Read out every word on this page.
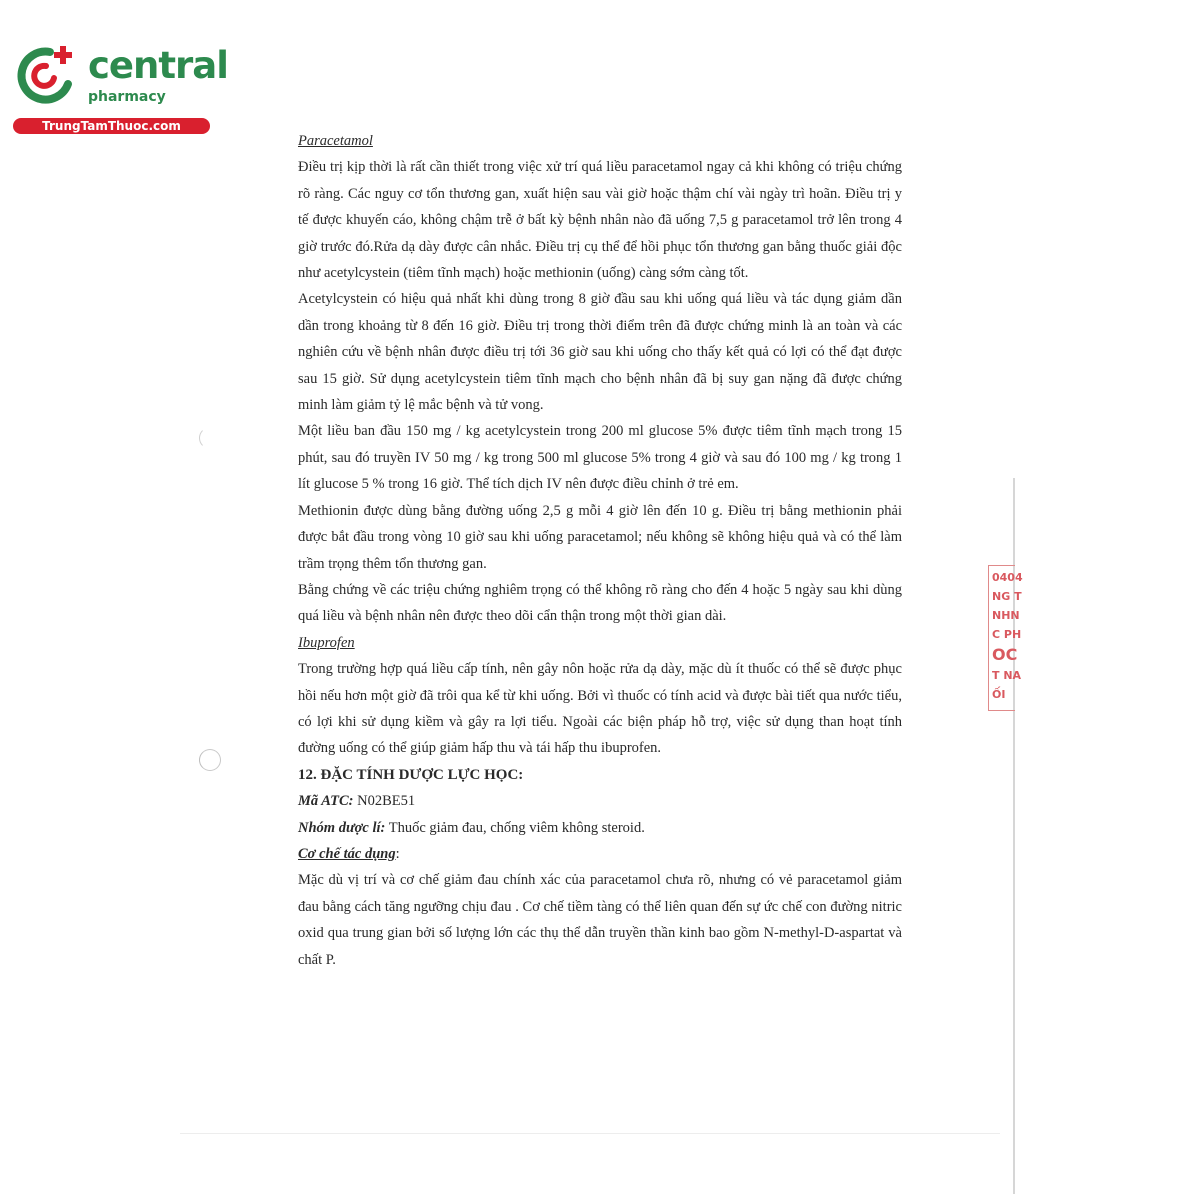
central
pharmacy
TrungTamThuoc.com

Paracetamol

Điều trị kịp thời là rất cần thiết trong việc xử trí quá liều paracetamol ngay cả khi không có triệu chứng rõ ràng. Các nguy cơ tổn thương gan, xuất hiện sau vài giờ hoặc thậm chí vài ngày trì hoãn. Điều trị y tế được khuyến cáo, không chậm trễ ở bất kỳ bệnh nhân nào đã uống 7,5 g paracetamol trở lên trong 4 giờ trước đó.Rửa dạ dày được cân nhắc. Điều trị cụ thể để hồi phục tổn thương gan bằng thuốc giải độc như acetylcystein (tiêm tĩnh mạch) hoặc methionin (uống) càng sớm càng tốt.

Acetylcystein có hiệu quả nhất khi dùng trong 8 giờ đầu sau khi uống quá liều và tác dụng giảm dần dần trong khoảng từ 8 đến 16 giờ. Điều trị trong thời điểm trên đã được chứng minh là an toàn và các nghiên cứu về bệnh nhân được điều trị tới 36 giờ sau khi uống cho thấy kết quả có lợi có thể đạt được sau 15 giờ. Sử dụng acetylcystein tiêm tĩnh mạch cho bệnh nhân đã bị suy gan nặng đã được chứng minh làm giảm tỷ lệ mắc bệnh và tử vong.

Một liều ban đầu 150 mg / kg acetylcystein trong 200 ml glucose 5% được tiêm tĩnh mạch trong 15 phút, sau đó truyền IV 50 mg / kg trong 500 ml glucose 5% trong 4 giờ và sau đó 100 mg / kg trong 1 lít glucose 5 % trong 16 giờ. Thể tích dịch IV nên được điều chỉnh ở trẻ em.

Methionin được dùng bằng đường uống 2,5 g mỗi 4 giờ lên đến 10 g. Điều trị bằng methionin phải được bắt đầu trong vòng 10 giờ sau khi uống paracetamol; nếu không sẽ không hiệu quả và có thể làm trầm trọng thêm tổn thương gan.

Bằng chứng về các triệu chứng nghiêm trọng có thể không rõ ràng cho đến 4 hoặc 5 ngày sau khi dùng quá liều và bệnh nhân nên được theo dõi cẩn thận trong một thời gian dài.

Ibuprofen

Trong trường hợp quá liều cấp tính, nên gây nôn hoặc rửa dạ dày, mặc dù ít thuốc có thể sẽ được phục hồi nếu hơn một giờ đã trôi qua kể từ khi uống. Bởi vì thuốc có tính acid và được bài tiết qua nước tiểu, có lợi khi sử dụng kiềm và gây ra lợi tiểu. Ngoài các biện pháp hỗ trợ, việc sử dụng than hoạt tính đường uống có thể giúp giảm hấp thu và tái hấp thu ibuprofen.

12. ĐẶC TÍNH DƯỢC LỰC HỌC:

Mã ATC: N02BE51

Nhóm dược lí: Thuốc giảm đau, chống viêm không steroid.

Cơ chế tác dụng:

Mặc dù vị trí và cơ chế giảm đau chính xác của paracetamol chưa rõ, nhưng có vẻ paracetamol giảm đau bằng cách tăng ngưỡng chịu đau . Cơ chế tiềm tàng có thể liên quan đến sự ức chế con đường nitric oxid qua trung gian bởi số lượng lớn các thụ thể dẫn truyền thần kinh bao gồm N-methyl-D-aspartat và chất P.

0404
NG T
NHN
C PH
OC
T NA
ỐI
